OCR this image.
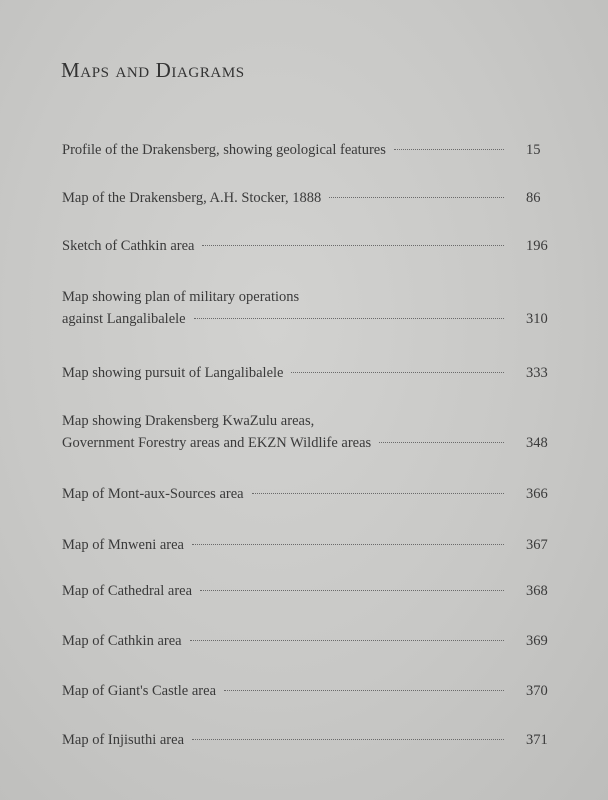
Maps and Diagrams
Profile of the Drakensberg, showing geological features	15
Map of the Drakensberg, A.H. Stocker, 1888	86
Sketch of Cathkin area	196
Map showing plan of military operations
against Langalibalele	310
Map showing pursuit of Langalibalele	333
Map showing Drakensberg KwaZulu areas,
Government Forestry areas and EKZN Wildlife areas	348
Map of Mont-aux-Sources area	366
Map of Mnweni area	367
Map of Cathedral area	368
Map of Cathkin area	369
Map of Giant's Castle area	370
Map of Injisuthi area	371
